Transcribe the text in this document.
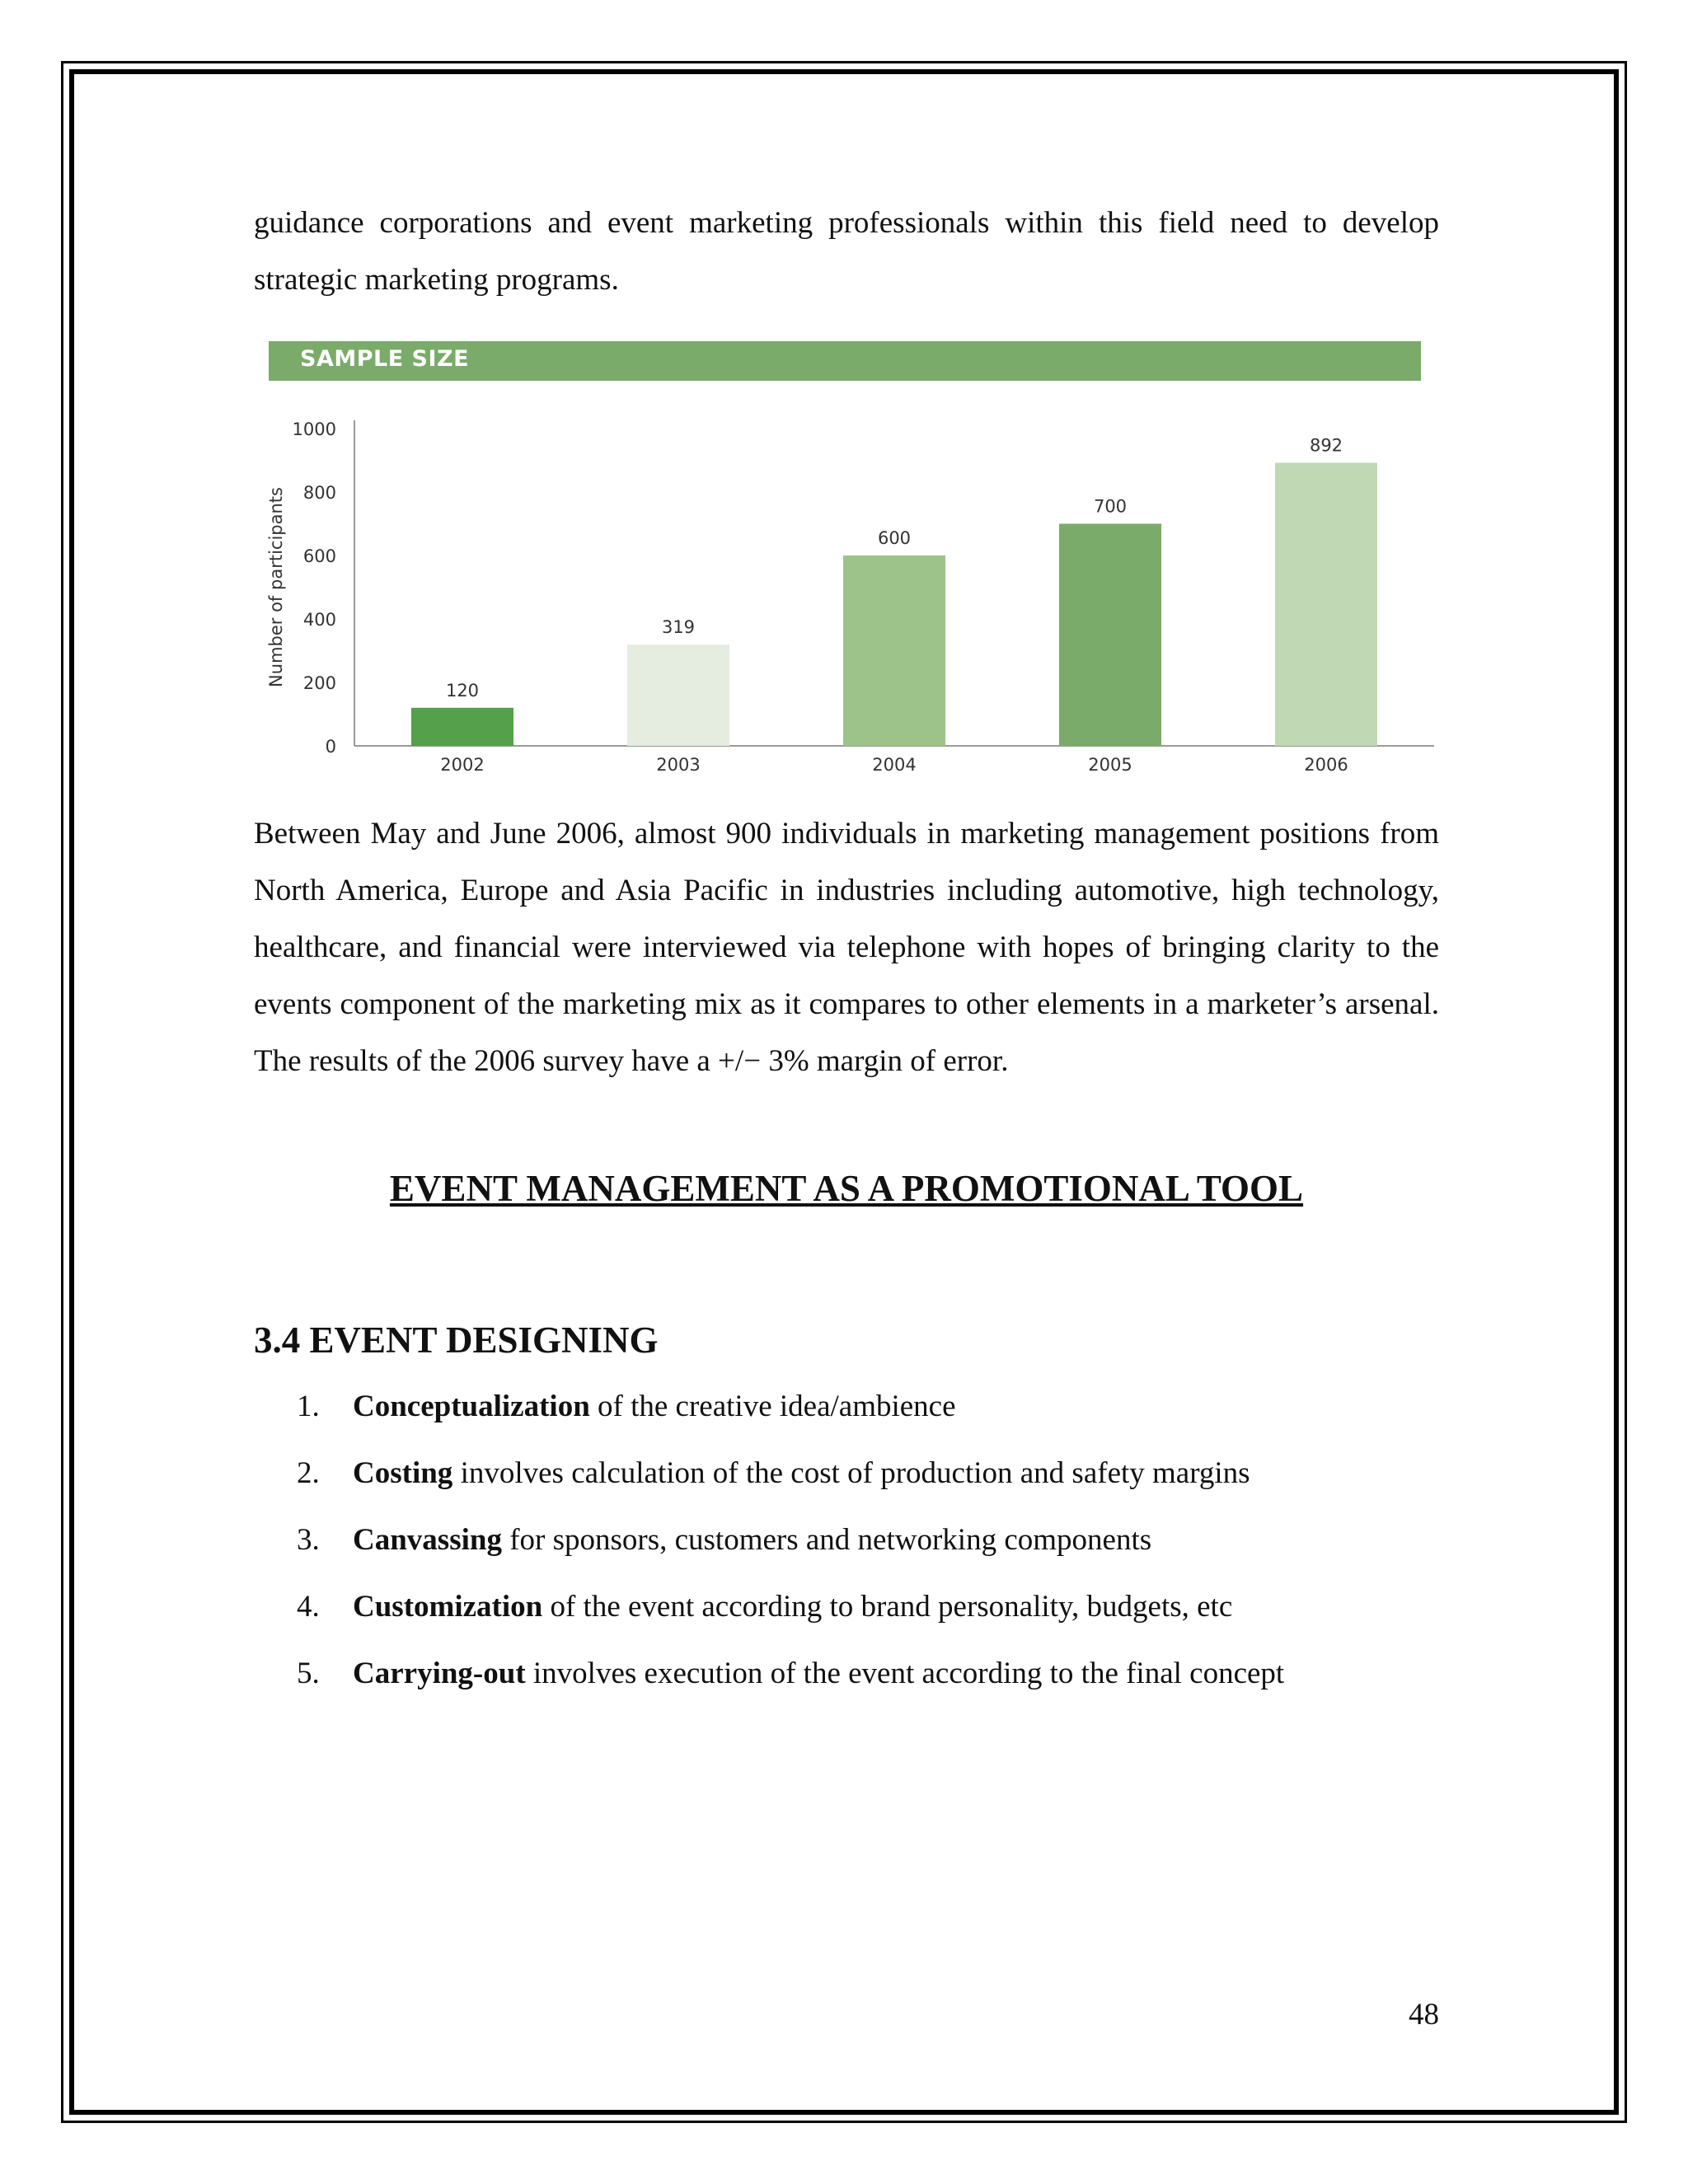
guidance corporations and event marketing professionals within this field need to develop strategic marketing programs.

SAMPLE SIZE
0
200
400
600
800
1000
Number of participants
120
2002
319
2003
600
2004
700
2005
892
2006

Between May and June 2006, almost 900 individuals in marketing management positions from North America, Europe and Asia Pacific in industries including automotive, high technology, healthcare, and financial were interviewed via telephone with hopes of bringing clarity to the events component of the marketing mix as it compares to other elements in a marketer’s arsenal. The results of the 2006 survey have a +/− 3% margin of error.

EVENT MANAGEMENT AS A PROMOTIONAL TOOL
3.4 EVENT DESIGNING
1. Conceptualization of the creative idea/ambience
2. Costing involves calculation of the cost of production and safety margins
3. Canvassing for sponsors, customers and networking components
4. Customization of the event according to brand personality, budgets, etc
5. Carrying-out involves execution of the event according to the final concept
48
